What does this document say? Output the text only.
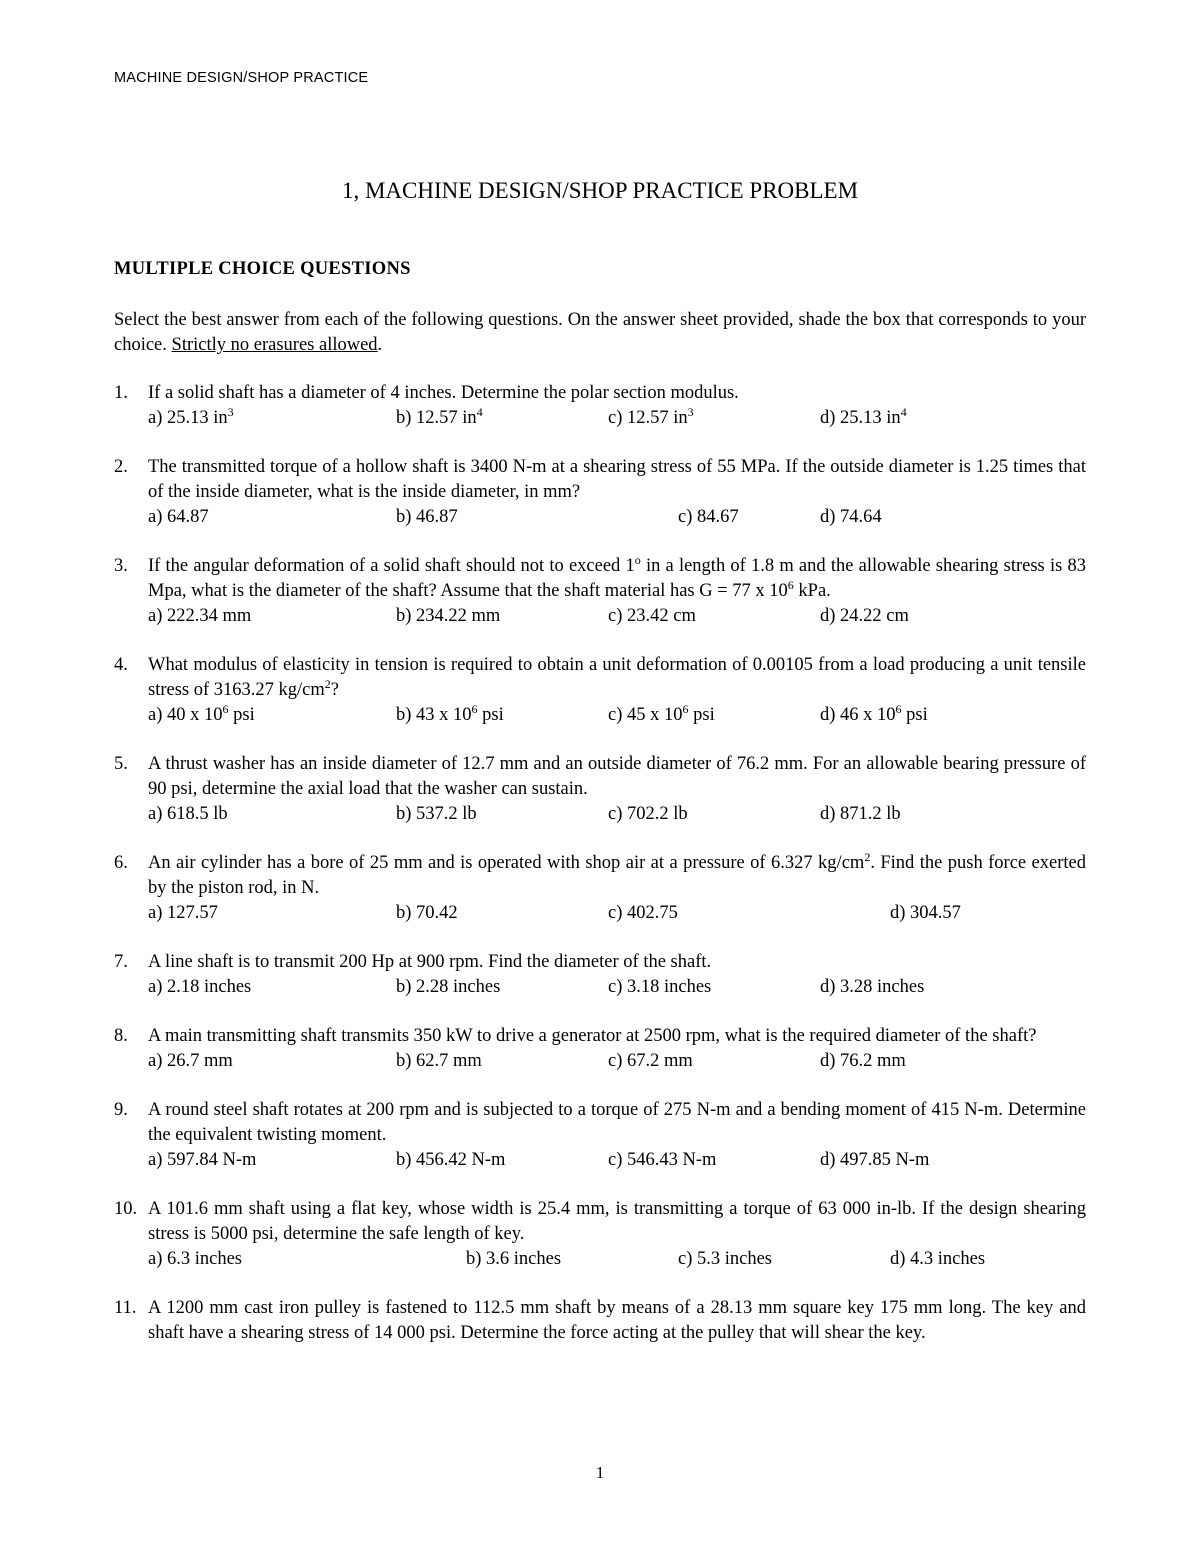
MACHINE DESIGN/SHOP PRACTICE
1, MACHINE DESIGN/SHOP PRACTICE PROBLEM
MULTIPLE CHOICE QUESTIONS
Select the best answer from each of the following questions. On the answer sheet provided, shade the box that corresponds to your choice. Strictly no erasures allowed.
1.	If a solid shaft has a diameter of 4 inches. Determine the polar section modulus.
a) 25.13 $in^3$	b) 12.57 $in^4$	c) 12.57 $in^3$	d) 25.13 $in^4$
2.	The transmitted torque of a hollow shaft is 3400 N-m at a shearing stress of 55 MPa. If the outside diameter is 1.25 times that of the inside diameter, what is the inside diameter, in mm?
a) 64.87	b) 46.87	c) 84.67	d) 74.64
3.	If the angular deformation of a solid shaft should not to exceed 1$^o$ in a length of 1.8 m and the allowable shearing stress is 83 Mpa, what is the diameter of the shaft? Assume that the shaft material has G = 77 x $10^6$ kPa.
a) 222.34 mm	b) 234.22 mm	c) 23.42 cm	d) 24.22 cm
4.	What modulus of elasticity in tension is required to obtain a unit deformation of 0.00105 from a load producing a unit tensile stress of 3163.27 $kg/cm^2$?
a) 40 x $10^6$ psi	b) 43 x $10^6$ psi	c) 45 x $10^6$ psi	d) 46 x $10^6$ psi
5.	A thrust washer has an inside diameter of 12.7 mm and an outside diameter of 76.2 mm. For an allowable bearing pressure of 90 psi, determine the axial load that the washer can sustain.
a) 618.5 lb	b) 537.2 lb	c) 702.2 lb	d) 871.2 lb
6.	An air cylinder has a bore of 25 mm and is operated with shop air at a pressure of 6.327 $kg/cm^2$. Find the push force exerted by the piston rod, in N.
a) 127.57	b) 70.42	c) 402.75	d) 304.57
7.	A line shaft is to transmit 200 Hp at 900 rpm. Find the diameter of the shaft.
a) 2.18 inches	b) 2.28 inches	c) 3.18 inches	d) 3.28 inches
8.	A main transmitting shaft transmits 350 kW to drive a generator at 2500 rpm, what is the required diameter of the shaft?
a) 26.7 mm	b) 62.7 mm	c) 67.2 mm	d) 76.2 mm
9.	A round steel shaft rotates at 200 rpm and is subjected to a torque of 275 N-m and a bending moment of 415 N-m. Determine the equivalent twisting moment.
a) 597.84 N-m	b) 456.42 N-m	c) 546.43 N-m	d) 497.85 N-m
10. A 101.6 mm shaft using a flat key, whose width is 25.4 mm, is transmitting a torque of 63 000 in-lb. If the design shearing stress is 5000 psi, determine the safe length of key.
a) 6.3 inches	b) 3.6 inches	c) 5.3 inches	d) 4.3 inches
11. A 1200 mm cast iron pulley is fastened to 112.5 mm shaft by means of a 28.13 mm square key 175 mm long. The key and shaft have a shearing stress of 14 000 psi. Determine the force acting at the pulley that will shear the key.
1
